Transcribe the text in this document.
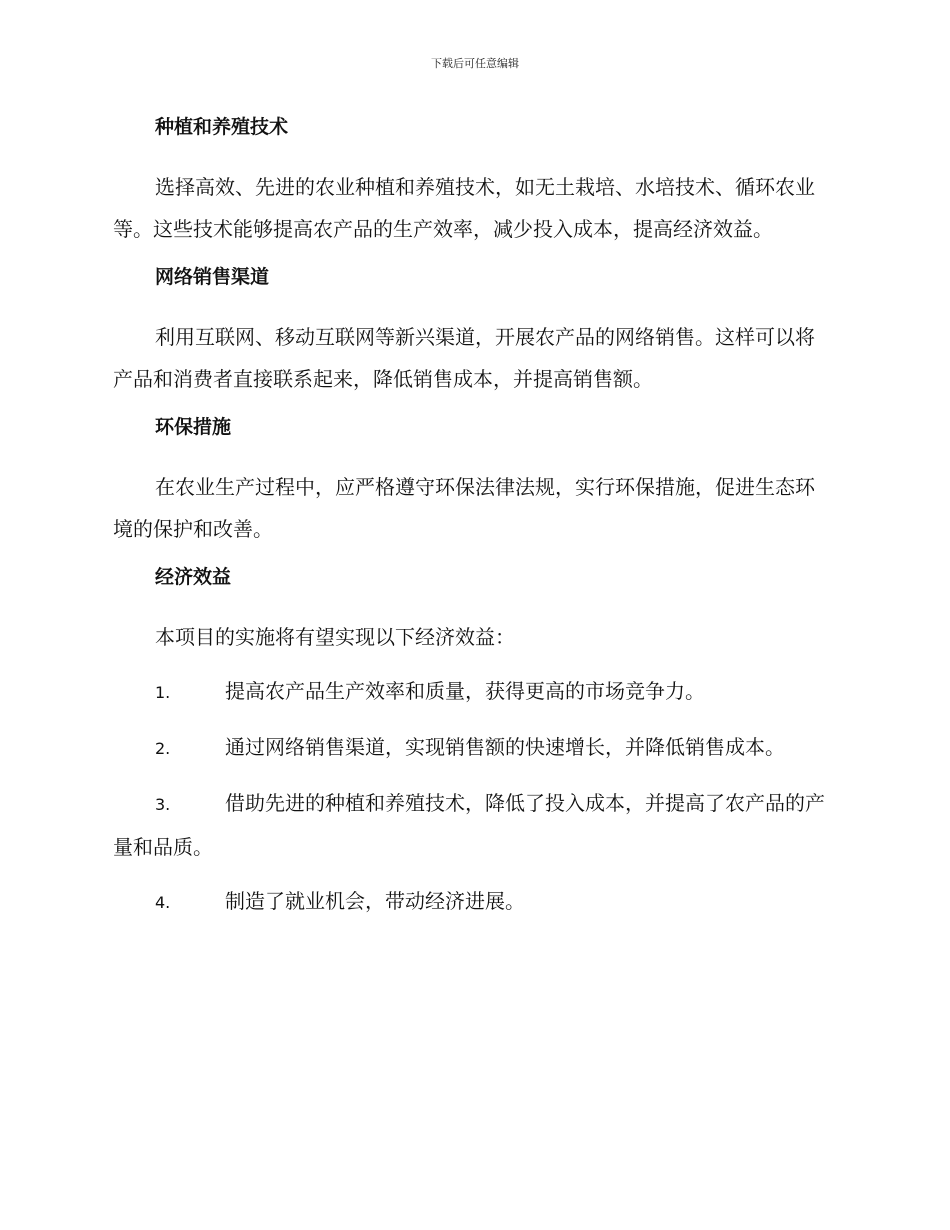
下载后可任意编辑
种植和养殖技术

选择高效、先进的农业种植和养殖技术，如无土栽培、水培技术、循环农业等。这些技术能够提高农产品的生产效率，减少投入成本，提高经济效益。

网络销售渠道

利用互联网、移动互联网等新兴渠道，开展农产品的网络销售。这样可以将产品和消费者直接联系起来，降低销售成本，并提高销售额。

环保措施

在农业生产过程中，应严格遵守环保法律法规，实行环保措施，促进生态环境的保护和改善。

经济效益

本项目的实施将有望实现以下经济效益：

1.	提高农产品生产效率和质量，获得更高的市场竞争力。

2.	通过网络销售渠道，实现销售额的快速增长，并降低销售成本。

3.	借助先进的种植和养殖技术，降低了投入成本，并提高了农产品的产量和品质。

4.	制造了就业机会，带动经济进展。
